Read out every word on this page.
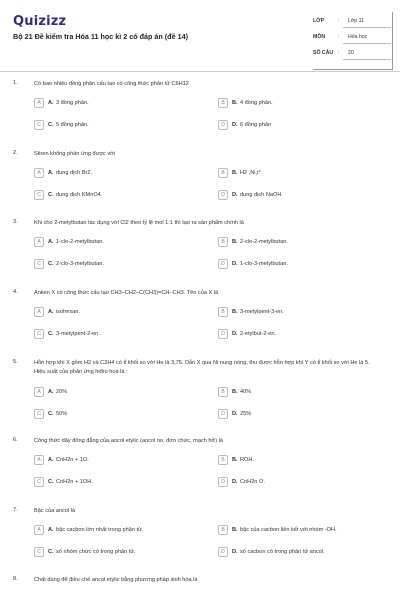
Quizizz
Bộ 21 Đề kiểm tra Hóa 11 học kì 2 có đáp án (đề 14)
LỚP	: Lớp 11
MÔN : Hóa học
SỐ CÂU : 20
1.	Có bao nhiêu đồng phân cấu tạo có công thức phân tử C6H12
A	A. 3 đồng phân.	B	B. 4 đồng phân.
C	C. 5 đồng phân.	D	D. 6 đồng phân
2.	Stiren không phản ứng được với
A	A. dung dịch Br2.	B	B. H2 ,Ni,t°
C	C. dung dịch KMnO4.	D	D. dung dịch NaOH.
3.	Khi cho 2-metylbutan tác dụng với Cl2 theo tỷ lệ mol 1:1 thì tạo ra sản phẩm chính là
A	A. 1-clo-2-metylbutan.	B	B. 2-clo-2-metylbutan.
C	C. 2-clo-3-metylbutan.	D	D. 1-clo-3-metylbutan.
4.	Anken X có công thức cấu tạo CH3–CH2–C(CH3)=CH–CH3. Tên của X là
A	A. isohexan.	B	B. 3-metylpent-3-en.
C	C. 3-metylpent-2-en.	D	D. 2-etylbut-2-en.
5.	Hỗn hợp khí X gồm H2 và C2H4 có tỉ khối so với He là 3,75. Dẫn X qua Ni nung nóng, thu được hỗn hợp khí Y có tỉ khối so với He là 5. Hiệu suất của phản ứng hiđro hoá là :
A	A. 20%	B	B. 40%
C	C. 50%	D	D. 25%
6.	Công thức dãy đồng đẳng của ancol etylic (ancol no, đơn chức, mạch hở) là
A	A. CnH2n + 1O.	B	B. ROH.
C	C. CnH2n + 1OH.	D	D. CnH2n O.
7.	Bậc của ancol là
A	A. bậc cacbon lớn nhất trong phân tử.	B	B. bậc của cacbon liên kết với nhóm -OH.
C	C. số nhóm chức có trong phân tử.	D	D. số cacbon có trong phân tử ancol.
8.	Chất dùng để điều chế ancol etylic bằng phương pháp sinh hóa là
